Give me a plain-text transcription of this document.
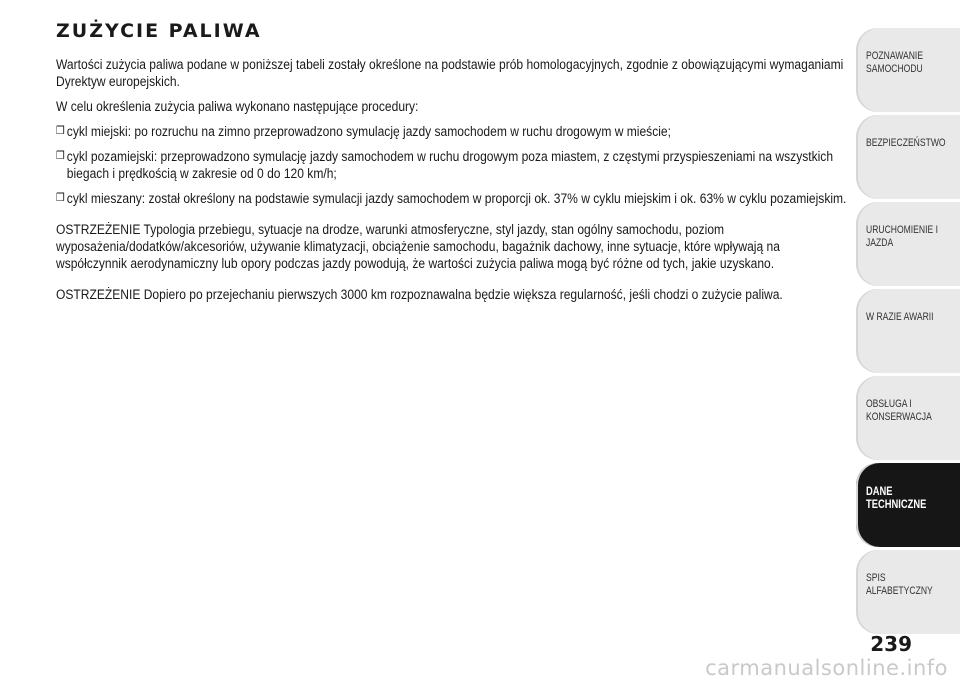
ZUŻYCIE PALIWA

Wartości zużycia paliwa podane w poniższej tabeli zostały określone na podstawie prób homologacyjnych, zgodnie z obowiązującymi wymaganiami Dyrektyw europejskich.

W celu określenia zużycia paliwa wykonano następujące procedury:

❒ cykl miejski: po rozruchu na zimno przeprowadzono symulację jazdy samochodem w ruchu drogowym w mieście;
❒ cykl pozamiejski: przeprowadzono symulację jazdy samochodem w ruchu drogowym poza miastem, z częstymi przyspieszeniami na wszystkich biegach i prędkością w zakresie od 0 do 120 km/h;
❒ cykl mieszany: został określony na podstawie symulacji jazdy samochodem w proporcji ok. 37% w cyklu miejskim i ok. 63% w cyklu pozamiejskim.

OSTRZEŻENIE Typologia przebiegu, sytuacje na drodze, warunki atmosferyczne, styl jazdy, stan ogólny samochodu, poziom wyposażenia/dodatków/akcesoriów, używanie klimatyzacji, obciążenie samochodu, bagażnik dachowy, inne sytuacje, które wpływają na współczynnik aerodynamiczny lub opory podczas jazdy powodują, że wartości zużycia paliwa mogą być różne od tych, jakie uzyskano.

OSTRZEŻENIE Dopiero po przejechaniu pierwszych 3000 km rozpoznawalna będzie większa regularność, jeśli chodzi o zużycie paliwa.

POZNAWANIE SAMOCHODU
BEZPIECZEŃSTWO
URUCHOMIENIE I JAZDA
W RAZIE AWARII
OBSŁUGA I KONSERWACJA
DANE TECHNICZNE
SPIS ALFABETYCZNY
239
carmanualsonline.info
